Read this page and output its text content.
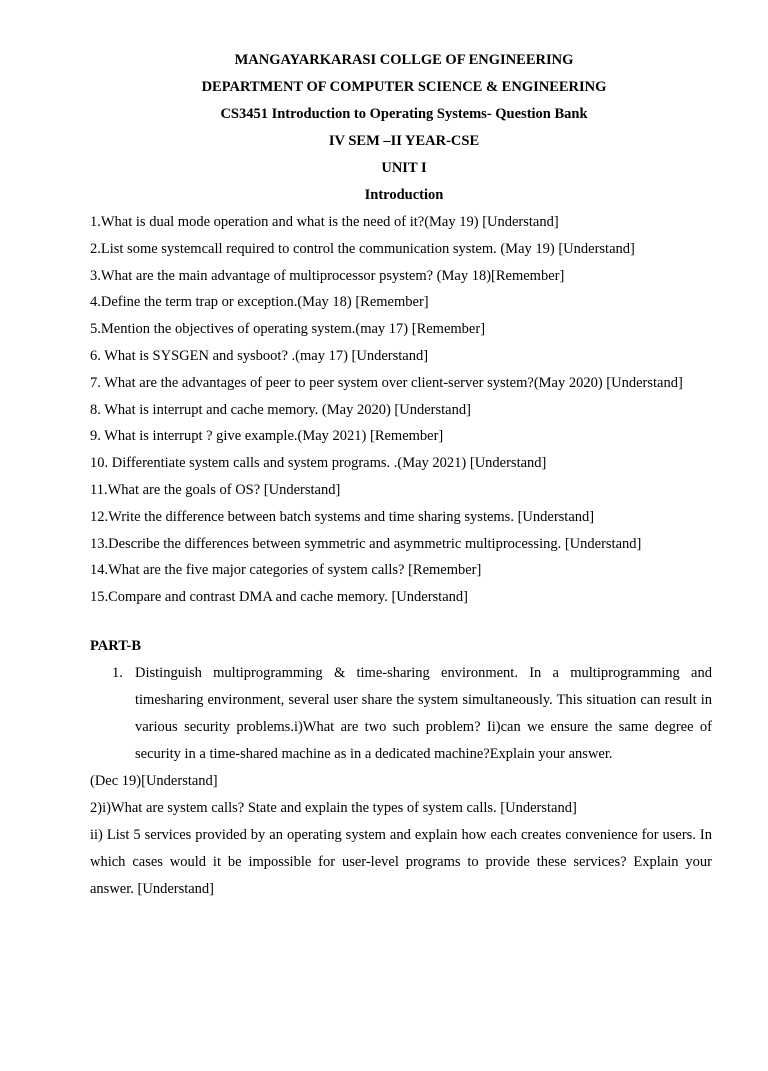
MANGAYARKARASI COLLGE OF ENGINEERING
DEPARTMENT OF COMPUTER SCIENCE & ENGINEERING
CS3451 Introduction to Operating Systems- Question Bank
IV SEM –II YEAR-CSE
UNIT I
Introduction
1.What is dual mode operation and what is the need of it?(May 19) [Understand]
2.List some systemcall required to control the communication system. (May 19) [Understand]
3.What are the main advantage of multiprocessor psystem? (May 18)[Remember]
4.Define the term trap or exception.(May 18) [Remember]
5.Mention the objectives of operating system.(may 17) [Remember]
6. What is SYSGEN and sysboot? .(may 17) [Understand]
7. What are the advantages of peer to peer system over client-server system?(May 2020) [Understand]
8. What is interrupt and cache memory. (May 2020) [Understand]
9. What is interrupt ? give example.(May 2021) [Remember]
10. Differentiate system calls and system programs. .(May 2021) [Understand]
11.What are the goals of OS? [Understand]
12.Write the difference between batch systems and time sharing systems. [Understand]
13.Describe the differences between symmetric and asymmetric multiprocessing. [Understand]
14.What are the five major categories of system calls? [Remember]
15.Compare and contrast DMA and cache memory. [Understand]
PART-B
1. Distinguish multiprogramming & time-sharing environment. In a multiprogramming and timesharing environment, several user share the system simultaneously. This situation can result in various security problems.i)What are two such problem? Ii)can we ensure the same degree of security in a time-shared machine as in a dedicated machine?Explain your answer.
(Dec 19)[Understand]
2)i)What are system calls? State and explain the types of system calls. [Understand]
ii) List 5 services provided by an operating system and explain how each creates convenience for users. In which cases would it be impossible for user-level programs to provide these services? Explain your answer. [Understand]
